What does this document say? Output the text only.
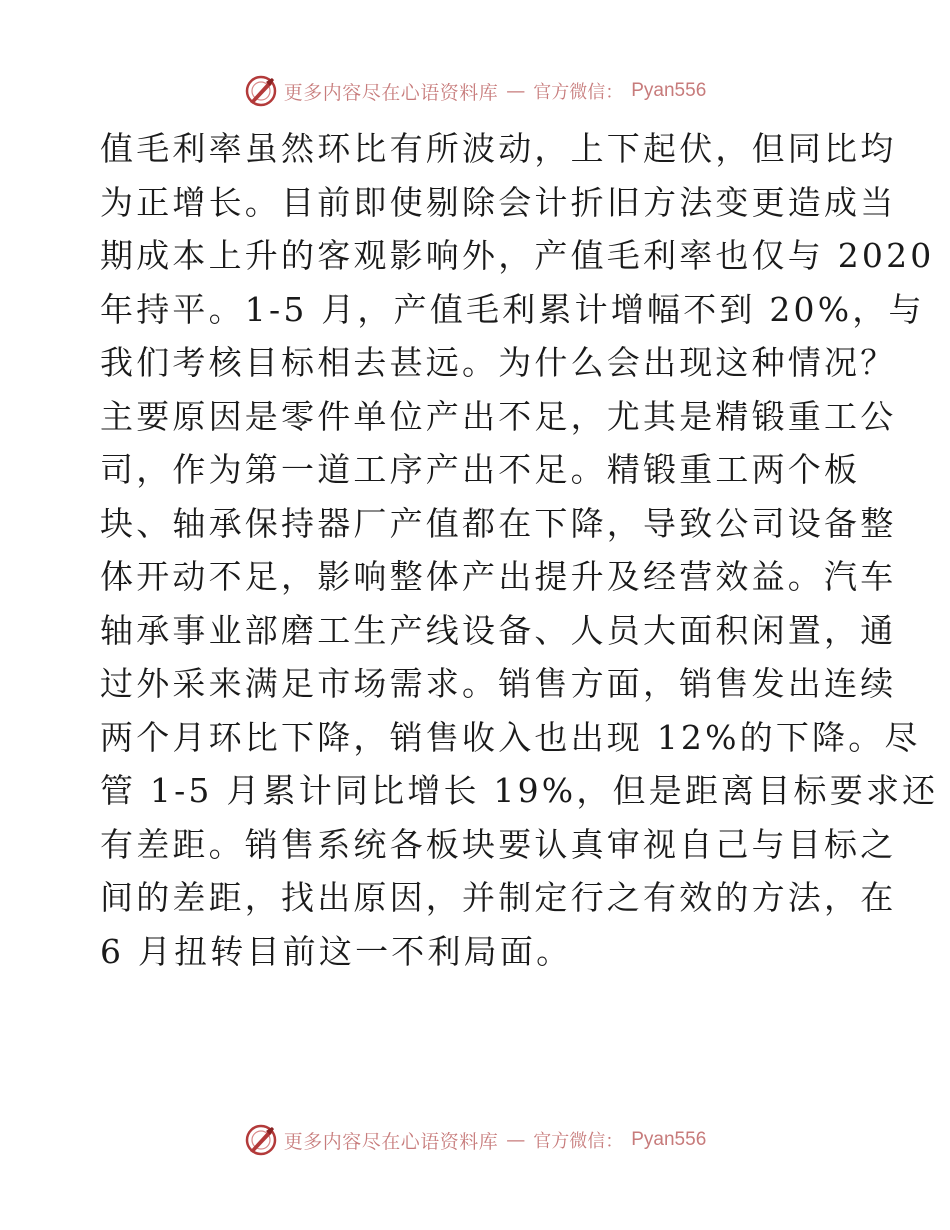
更多内容尽在心语资料库 — 官方微信： Pyan556
值毛利率虽然环比有所波动，上下起伏，但同比均
为正增长。目前即使剔除会计折旧方法变更造成当
期成本上升的客观影响外，产值毛利率也仅与 2020
年持平。1-5 月，产值毛利累计增幅不到 20%，与
我们考核目标相去甚远。为什么会出现这种情况？
主要原因是零件单位产出不足，尤其是精锻重工公
司，作为第一道工序产出不足。精锻重工两个板
块、轴承保持器厂产值都在下降，导致公司设备整
体开动不足，影响整体产出提升及经营效益。汽车
轴承事业部磨工生产线设备、人员大面积闲置，通
过外采来满足市场需求。销售方面，销售发出连续
两个月环比下降，销售收入也出现 12%的下降。尽
管 1-5 月累计同比增长 19%，但是距离目标要求还
有差距。销售系统各板块要认真审视自己与目标之
间的差距，找出原因，并制定行之有效的方法，在
6 月扭转目前这一不利局面。
更多内容尽在心语资料库 — 官方微信： Pyan556
